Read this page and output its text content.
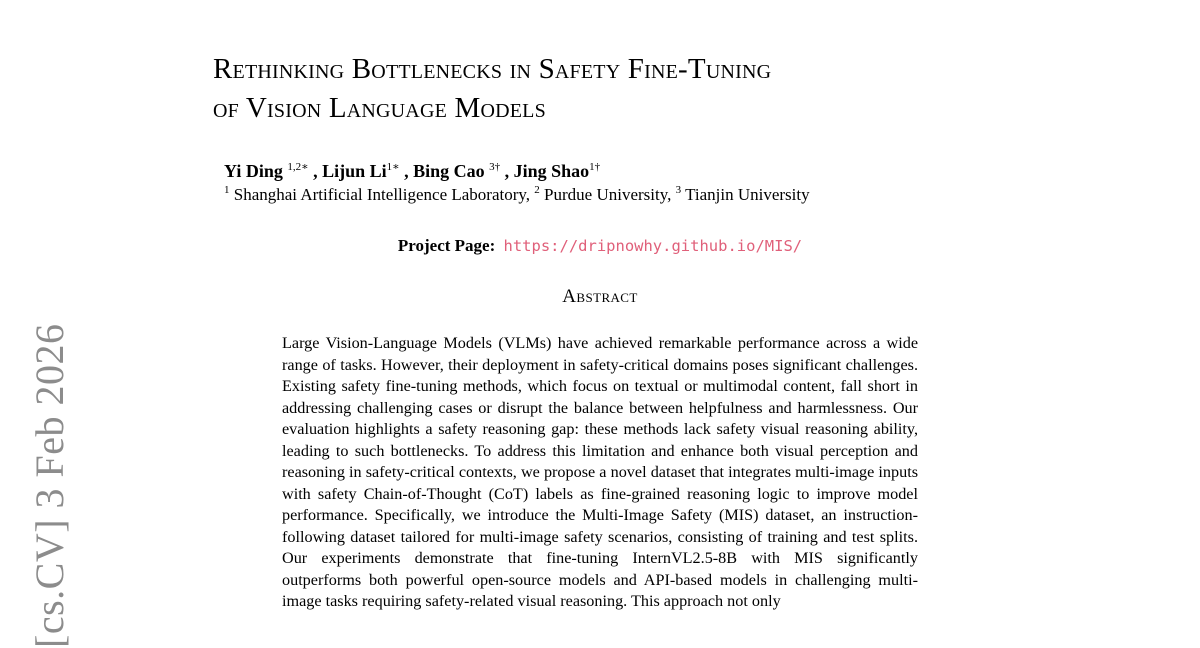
Rethinking Bottlenecks in Safety Fine-Tuning
of Vision Language Models
Yi Ding $^{1,2∗}$ , Lijun $Li^{1∗}$ , Bing Cao $^{3\dagger}$ , Jing Shao$^{1\dagger}$
$^1$ Shanghai Artificial Intelligence Laboratory, $^2$ Purdue University, $^3$ Tianjin University
Project Page: https://dripnowhy.github.io/MIS/
Abstract

Large Vision-Language Models (VLMs) have achieved remarkable performance across a wide range of tasks. However, their deployment in safety-critical domains poses significant challenges. Existing safety fine-tuning methods, which focus on textual or multimodal content, fall short in addressing challenging cases or disrupt the balance between helpfulness and harmlessness. Our evaluation highlights a safety reasoning gap: these methods lack safety visual reasoning ability, leading to such bottlenecks. To address this limitation and enhance both visual perception and reasoning in safety-critical contexts, we propose a novel dataset that integrates multi-image inputs with safety Chain-of-Thought (CoT) labels as fine-grained reasoning logic to improve model performance. Specifically, we introduce the Multi-Image Safety (MIS) dataset, an instruction-following dataset tailored for multi-image safety scenarios, consisting of training and test splits. Our experiments demonstrate that fine-tuning InternVL2.5-8B with MIS significantly outperforms both powerful open-source models and API-based models in challenging multi-image tasks requiring safety-related visual reasoning. This approach not only

[cs.CV] 3 Feb 2026
